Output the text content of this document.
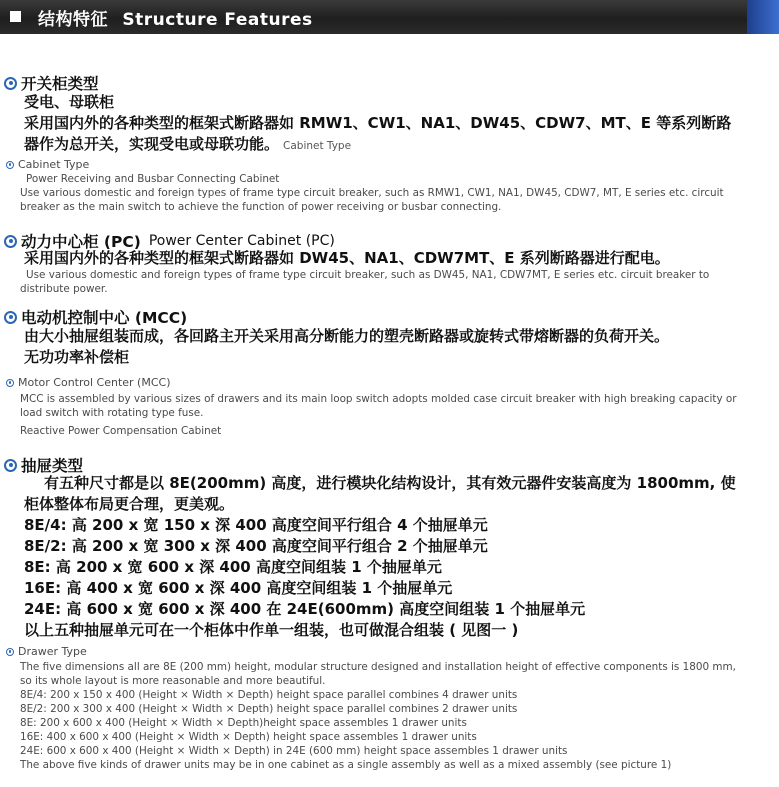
结构特征 Structure Features
开关柜类型
受电、母联柜
采用国内外的各种类型的框架式断路器如 RMW1、CW1、NA1、DW45、CDW7、MT、E 等系列断路
器作为总开关，实现受电或母联功能。 Cabinet Type
Cabinet Type
Power Receiving and Busbar Connecting Cabinet
Use various domestic and foreign types of frame type circuit breaker, such as RMW1, CW1, NA1, DW45, CDW7, MT, E series etc. circuit
breaker as the main switch to achieve the function of power receiving or busbar connecting.
动力中心柜 (PC) Power Center Cabinet (PC)
采用国内外的各种类型的框架式断路器如 DW45、NA1、CDW7MT、E 系列断路器进行配电。
Use various domestic and foreign types of frame type circuit breaker, such as DW45, NA1, CDW7MT, E series etc. circuit breaker to
distribute power.
电动机控制中心 (MCC)
由大小抽屉组装而成，各回路主开关采用高分断能力的塑壳断路器或旋转式带熔断器的负荷开关。
无功功率补偿柜
Motor Control Center (MCC)
MCC is assembled by various sizes of drawers and its main loop switch adopts molded case circuit breaker with high breaking capacity or
load switch with rotating type fuse.
Reactive Power Compensation Cabinet
抽屉类型
有五种尺寸都是以 8E(200mm) 高度，进行模块化结构设计，其有效元器件安装高度为 1800mm, 使
柜体整体布局更合理，更美观。
8E/4: 高 200 x 宽 150 x 深 400 高度空间平行组合 4 个抽屉单元
8E/2: 高 200 x 宽 300 x 深 400 高度空间平行组合 2 个抽屉单元
8E: 高 200 x 宽 600 x 深 400 高度空间组装 1 个抽屉单元
16E: 高 400 x 宽 600 x 深 400 高度空间组装 1 个抽屉单元
24E: 高 600 x 宽 600 x 深 400 在 24E(600mm) 高度空间组装 1 个抽屉单元
以上五种抽屉单元可在一个柜体中作单一组装，也可做混合组装 ( 见图一 )
Drawer Type
The five dimensions all are 8E (200 mm) height, modular structure designed and installation height of effective components is 1800 mm,
so its whole layout is more reasonable and more beautiful.
8E/4: 200 x 150 x 400 (Height × Width × Depth) height space parallel combines 4 drawer units
8E/2: 200 x 300 x 400 (Height × Width × Depth) height space parallel combines 2 drawer units
8E: 200 x 600 x 400 (Height × Width × Depth)height space assembles 1 drawer units
16E: 400 x 600 x 400 (Height × Width × Depth) height space assembles 1 drawer units
24E: 600 x 600 x 400 (Height × Width × Depth) in 24E (600 mm) height space assembles 1 drawer units
The above five kinds of drawer units may be in one cabinet as a single assembly as well as a mixed assembly (see picture 1)
